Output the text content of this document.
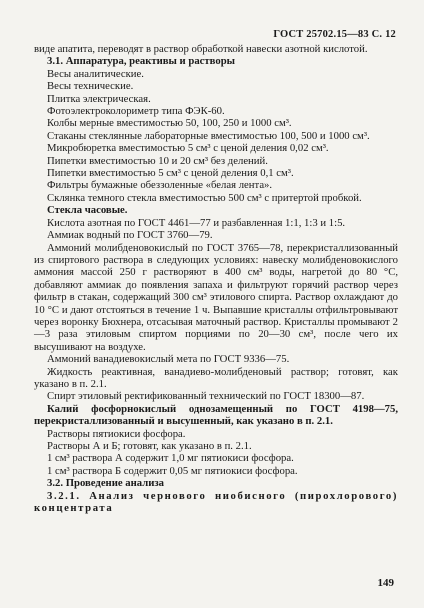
ГОСТ 25702.15—83 С. 12

виде апатита, переводят в раствор обработкой навески азотной кислотой.

3.1. Аппаратура, реактивы и растворы

Весы аналитические.

Весы технические.

Плитка электрическая.

Фотоэлектроколориметр типа ФЭК-60.

Колбы мерные вместимостью 50, 100, 250 и 1000 см³.

Стаканы стеклянные лабораторные вместимостью 100, 500 и 1000 см³.

Микробюретка вместимостью 5 см³ с ценой деления 0,02 см³.

Пипетки вместимостью 10 и 20 см³ без делений.

Пипетки вместимостью 5 см³ с ценой деления 0,1 см³.

Фильтры бумажные обеззоленные «белая лента».

Склянка темного стекла вместимостью 500 см³ с притертой пробкой.

Стекла часовые.

Кислота азотная по ГОСТ 4461—77 и разбавленная 1:1, 1:3 и 1:5.

Аммиак водный по ГОСТ 3760—79.

Аммоний молибденовокислый по ГОСТ 3765—78, перекристаллизованный из спиртового раствора в следующих условиях: навеску молибденовокислого аммония массой 250 г растворяют в 400 см³ воды, нагретой до 80 °С, добавляют аммиак до появления запаха и фильтруют горячий раствор через фильтр в стакан, содержащий 300 см³ этилового спирта. Раствор охлаждают до 10 °С и дают отстояться в течение 1 ч. Выпавшие кристаллы отфильтровывают через воронку Бюхнера, отсасывая маточный раствор. Кристаллы промывают 2—3 раза этиловым спиртом порциями по 20—30 см³, после чего их высушивают на воздухе.

Аммоний ванадиевокислый мета по ГОСТ 9336—75.

Жидкость реактивная, ванадиево-молибденовый раствор; готовят, как указано в п. 2.1.

Спирт этиловый ректификованный технический по ГОСТ 18300—87.

Калий фосфорнокислый однозамещенный по ГОСТ 4198—75, перекристаллизованный и высушенный, как указано в п. 2.1.

Растворы пятиокиси фосфора.

Растворы А и Б; готовят, как указано в п. 2.1.

1 см³ раствора А содержит 1,0 мг пятиокиси фосфора.

1 см³ раствора Б содержит 0,05 мг пятиокиси фосфора.

3.2. Проведение анализа

3.2.1. Анализ чернового ниобисного (пирохлорового) концентрата

149
